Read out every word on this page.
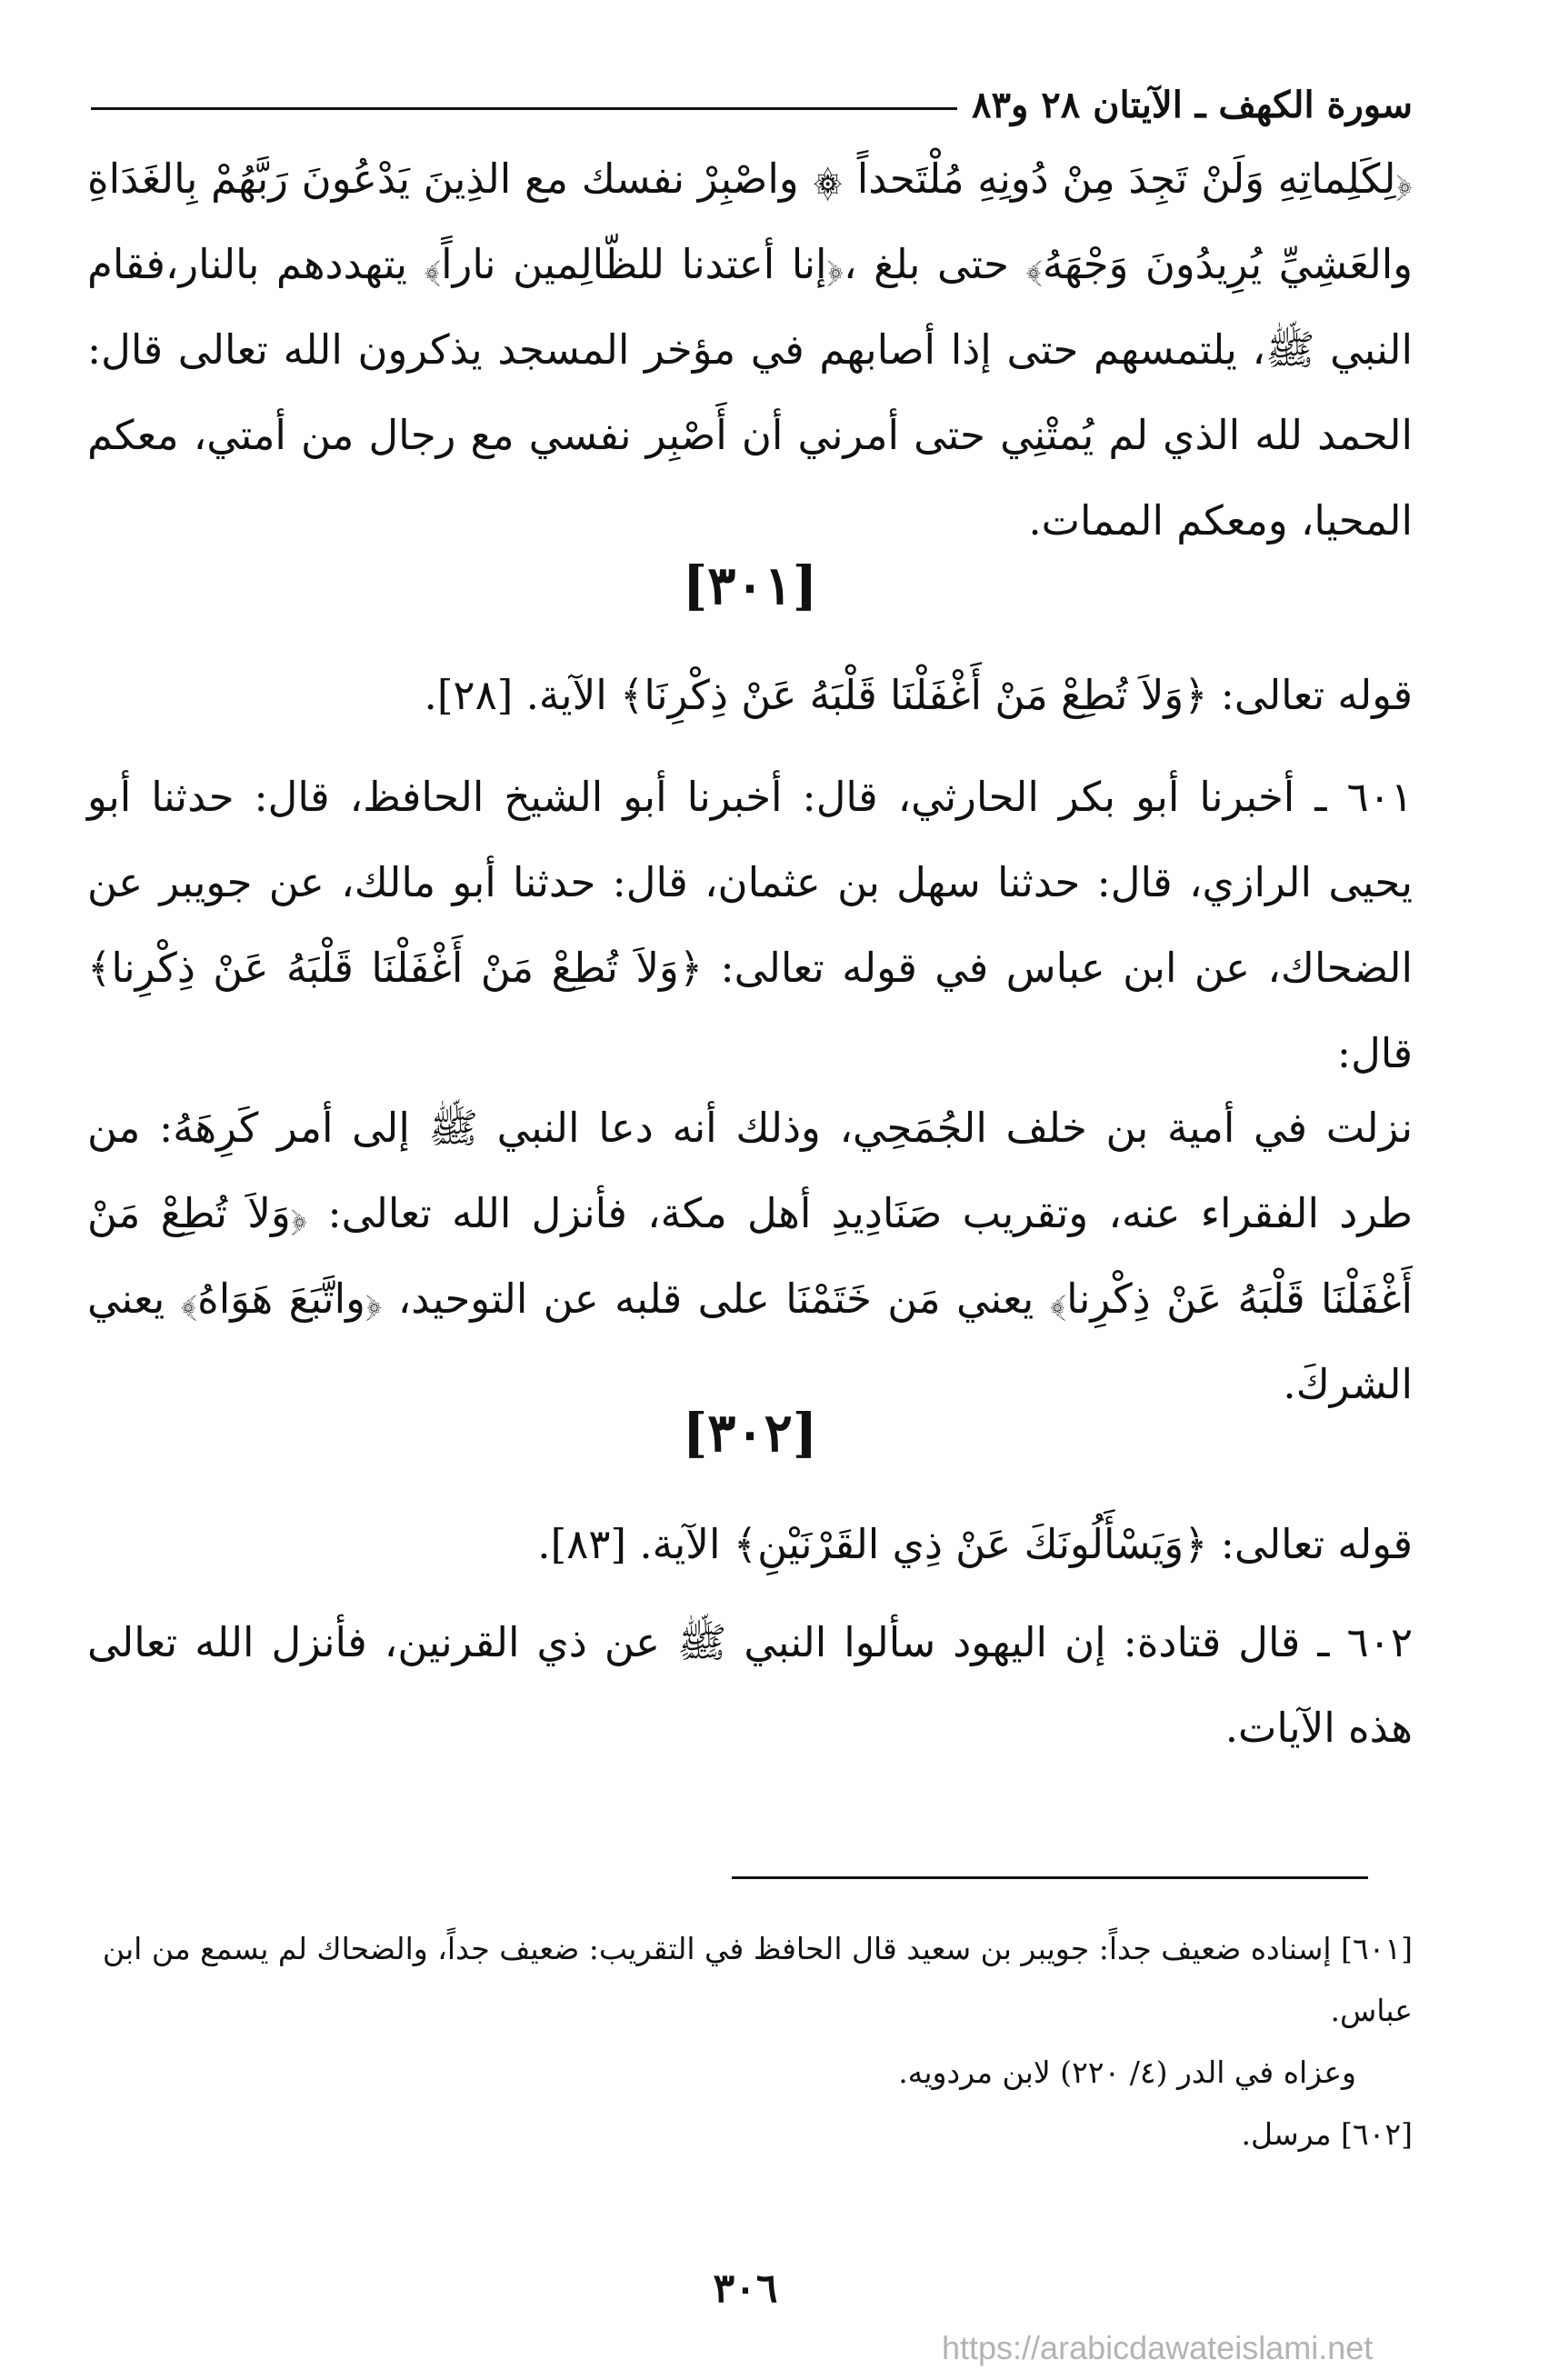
سورة الكهف ـ الآيتان ٢٨ و٨٣

﴿لِكَلِماتِهِ وَلَنْ تَجِدَ مِنْ دُونِهِ مُلْتَحداً ۞ واصْبِرْ نفسك مع الذِينَ يَدْعُونَ رَبَّهُمْ بِالغَدَاةِ والعَشِيِّ يُرِيدُونَ وَجْهَهُ﴾ حتى بلغ ،﴿إنا أعتدنا للظّالِمين ناراً﴾ يتهددهم بالنار،فقام النبي ﷺ، يلتمسهم حتى إذا أصابهم في مؤخر المسجد يذكرون الله تعالى قال: الحمد لله الذي لم يُمتْنِي حتى أمرني أن أَصْبِر نفسي مع رجال من أمتي، معكم المحيا، ومعكم الممات.

[٣٠١]

قوله تعالى: ﴿وَلاَ تُطِعْ مَنْ أَغْفَلْنَا قَلْبَهُ عَنْ ذِكْرِنَا﴾ الآية. [٢٨].

٦٠١ ـ أخبرنا أبو بكر الحارثي، قال: أخبرنا أبو الشيخ الحافظ، قال: حدثنا أبو يحيى الرازي، قال: حدثنا سهل بن عثمان، قال: حدثنا أبو مالك، عن جويبر عن الضحاك، عن ابن عباس في قوله تعالى: ﴿وَلاَ تُطِعْ مَنْ أَغْفَلْنَا قَلْبَهُ عَنْ ذِكْرِنا﴾ قال:

نزلت في أمية بن خلف الجُمَحِي، وذلك أنه دعا النبي ﷺ إلى أمر كَرِهَهُ: من طرد الفقراء عنه، وتقريب صَنَادِيدِ أهل مكة، فأنزل الله تعالى: ﴿وَلاَ تُطِعْ مَنْ أَغْفَلْنَا قَلْبَهُ عَنْ ذِكْرِنا﴾ يعني مَن خَتَمْنَا على قلبه عن التوحيد، ﴿واتَّبَعَ هَوَاهُ﴾ يعني الشركَ.

[٣٠٢]

قوله تعالى: ﴿وَيَسْأَلُونَكَ عَنْ ذِي القَرْنَيْنِ﴾ الآية. [٨٣].

٦٠٢ ـ قال قتادة: إن اليهود سألوا النبي ﷺ عن ذي القرنين، فأنزل الله تعالى هذه الآيات.

[٦٠١] إسناده ضعيف جداً: جويبر بن سعيد قال الحافظ في التقريب: ضعيف جداً، والضحاك لم يسمع من ابن عباس.

وعزاه في الدر (٤/ ٢٢٠) لابن مردويه.

[٦٠٢] مرسل.

٣٠٦
https://arabicdawateislami.net
